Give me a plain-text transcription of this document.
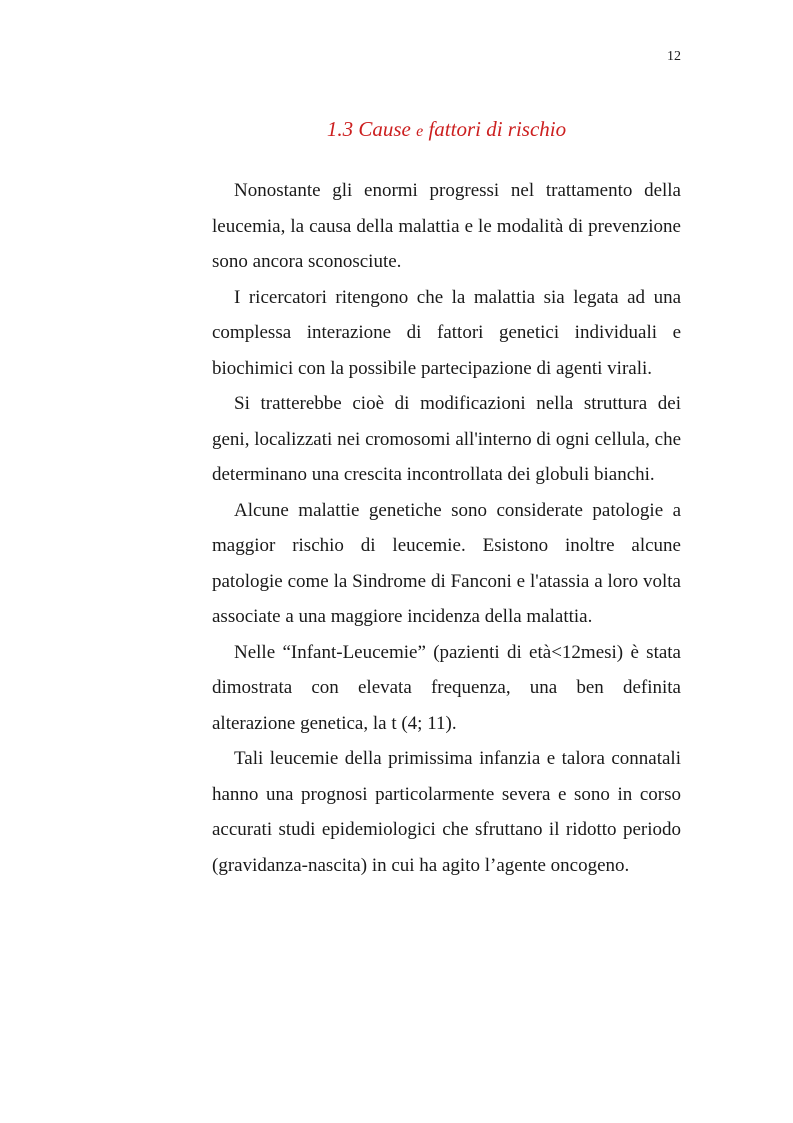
12
1.3 Cause e fattori di rischio

Nonostante gli enormi progressi nel trattamento della leucemia, la causa della malattia e le modalità di prevenzione sono ancora sconosciute.

I ricercatori ritengono che la malattia sia legata ad una complessa interazione di fattori genetici individuali e biochimici con la possibile partecipazione di agenti virali.

Si tratterebbe cioè di modificazioni nella struttura dei geni, localizzati nei cromosomi all'interno di ogni cellula, che determinano una crescita incontrollata dei globuli bianchi.

Alcune malattie genetiche sono considerate patologie a maggior rischio di leucemie. Esistono inoltre alcune patologie come la Sindrome di Fanconi e l'atassia a loro volta associate a una maggiore incidenza della malattia.

Nelle “Infant-Leucemie” (pazienti di età<12mesi) è stata dimostrata con elevata frequenza, una ben definita alterazione genetica, la t (4; 11).

Tali leucemie della primissima infanzia e talora connatali hanno una prognosi particolarmente severa e sono in corso accurati studi epidemiologici che sfruttano il ridotto periodo (gravidanza-nascita) in cui ha agito l’agente oncogeno.
